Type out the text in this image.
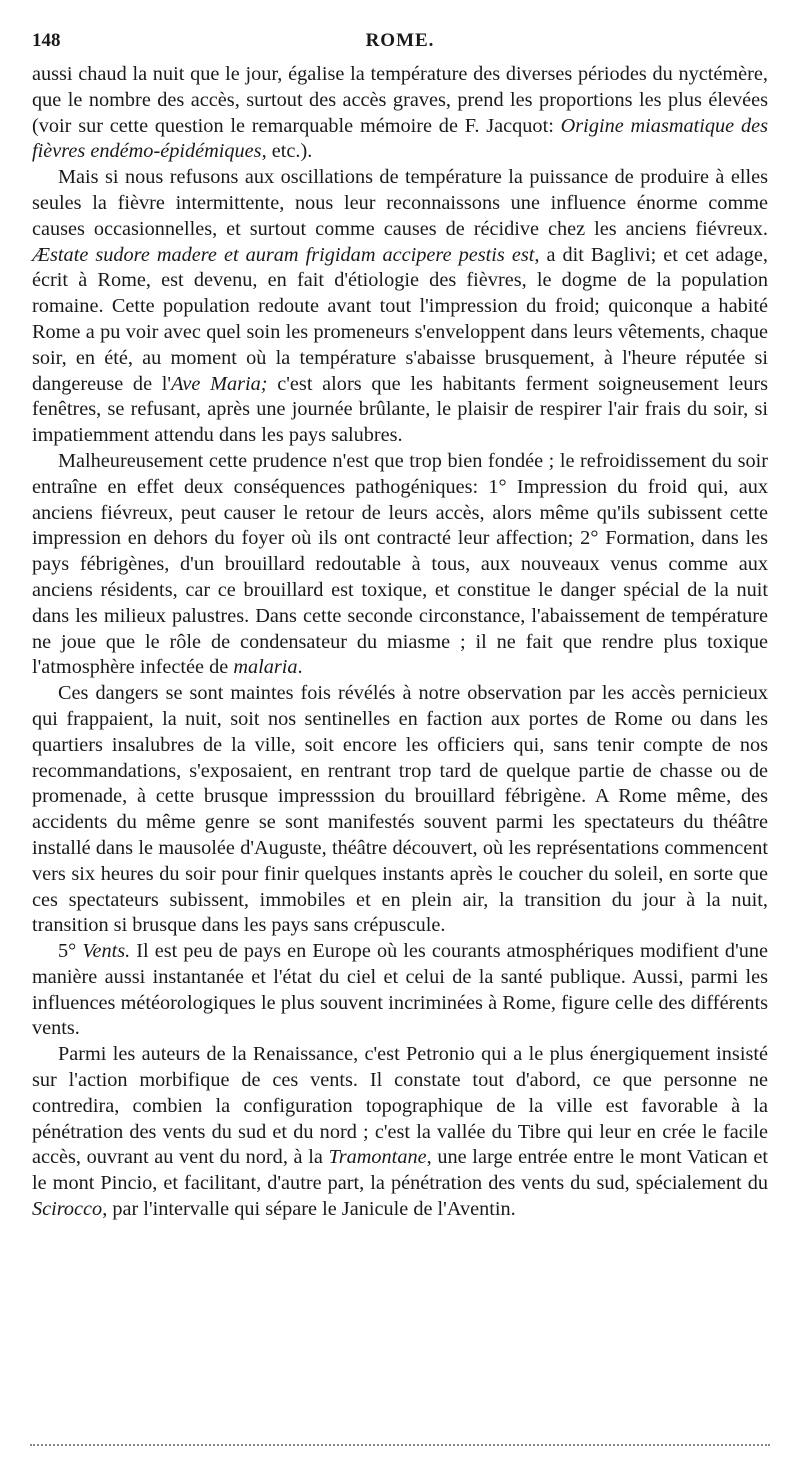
148	ROME.

aussi chaud la nuit que le jour, égalise la température des diverses périodes du nyctémère, que le nombre des accès, surtout des accès graves, prend les proportions les plus élevées (voir sur cette question le remarquable mémoire de F. Jacquot: Origine miasmatique des fièvres endémo-épidémiques, etc.).

Mais si nous refusons aux oscillations de température la puissance de produire à elles seules la fièvre intermittente, nous leur reconnaissons une influence énorme comme causes occasionnelles, et surtout comme causes de récidive chez les anciens fiévreux. Æstate sudore madere et auram frigidam accipere pestis est, a dit Baglivi; et cet adage, écrit à Rome, est devenu, en fait d'étiologie des fièvres, le dogme de la population romaine. Cette population redoute avant tout l'impression du froid; quiconque a habité Rome a pu voir avec quel soin les promeneurs s'enveloppent dans leurs vêtements, chaque soir, en été, au moment où la température s'abaisse brusquement, à l'heure réputée si dangereuse de l'Ave Maria; c'est alors que les habitants ferment soigneusement leurs fenêtres, se refusant, après une journée brûlante, le plaisir de respirer l'air frais du soir, si impatiemment attendu dans les pays salubres.

Malheureusement cette prudence n'est que trop bien fondée ; le refroidissement du soir entraîne en effet deux conséquences pathogéniques: 1° Impression du froid qui, aux anciens fiévreux, peut causer le retour de leurs accès, alors même qu'ils subissent cette impression en dehors du foyer où ils ont contracté leur affection; 2° Formation, dans les pays fébrigènes, d'un brouillard redoutable à tous, aux nouveaux venus comme aux anciens résidents, car ce brouillard est toxique, et constitue le danger spécial de la nuit dans les milieux palustres. Dans cette seconde circonstance, l'abaissement de température ne joue que le rôle de condensateur du miasme ; il ne fait que rendre plus toxique l'atmosphère infectée de malaria.

Ces dangers se sont maintes fois révélés à notre observation par les accès pernicieux qui frappaient, la nuit, soit nos sentinelles en faction aux portes de Rome ou dans les quartiers insalubres de la ville, soit encore les officiers qui, sans tenir compte de nos recommandations, s'exposaient, en rentrant trop tard de quelque partie de chasse ou de promenade, à cette brusque impresssion du brouillard fébrigène. A Rome même, des accidents du même genre se sont manifestés souvent parmi les spectateurs du théâtre installé dans le mausolée d'Auguste, théâtre découvert, où les représentations commencent vers six heures du soir pour finir quelques instants après le coucher du soleil, en sorte que ces spectateurs subissent, immobiles et en plein air, la transition du jour à la nuit, transition si brusque dans les pays sans crépuscule.

5° Vents. Il est peu de pays en Europe où les courants atmosphériques modifient d'une manière aussi instantanée et l'état du ciel et celui de la santé publique. Aussi, parmi les influences météorologiques le plus souvent incriminées à Rome, figure celle des différents vents.

Parmi les auteurs de la Renaissance, c'est Petronio qui a le plus énergiquement insisté sur l'action morbifique de ces vents. Il constate tout d'abord, ce que personne ne contredira, combien la configuration topographique de la ville est favorable à la pénétration des vents du sud et du nord ; c'est la vallée du Tibre qui leur en crée le facile accès, ouvrant au vent du nord, à la Tramontane, une large entrée entre le mont Vatican et le mont Pincio, et facilitant, d'autre part, la pénétration des vents du sud, spécialement du Scirocco, par l'intervalle qui sépare le Janicule de l'Aventin.
